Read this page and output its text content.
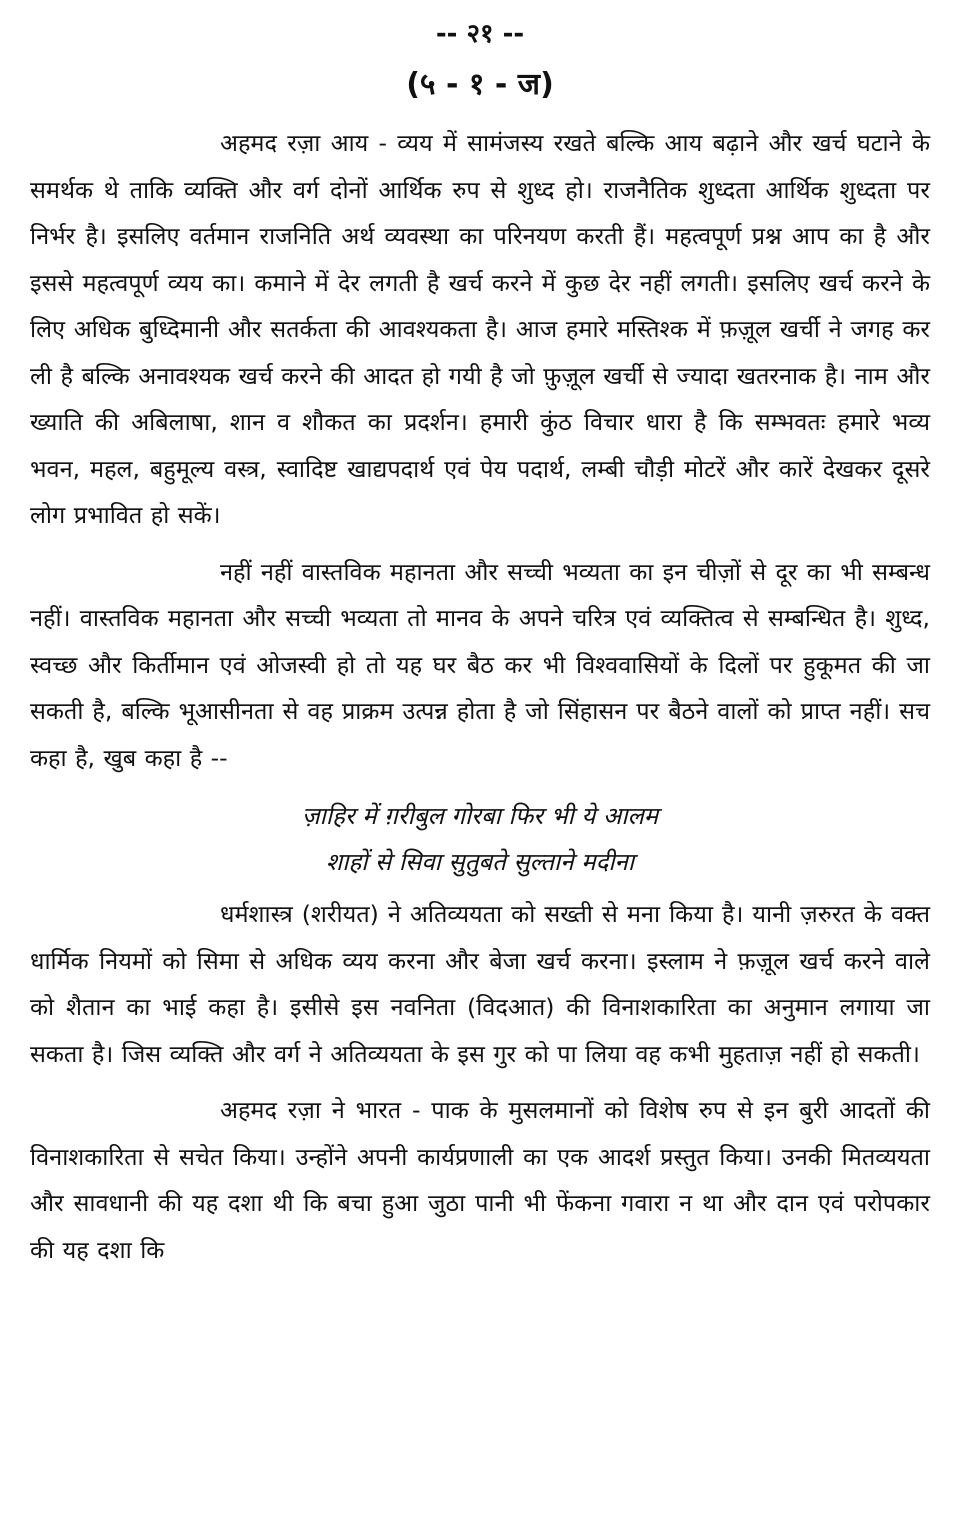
-- २१ --

(५ - १ - ज)

अहमद रज़ा आय - व्यय में सामंजस्य रखते बल्कि आय बढ़ाने और खर्च घटाने के समर्थक थे ताकि व्यक्ति और वर्ग दोनों आर्थिक रुप से शुध्द हो। राजनैतिक शुध्दता आर्थिक शुध्दता पर निर्भर है। इसलिए वर्तमान राजनिति अर्थ व्यवस्था का परिनयण करती हैं। महत्वपूर्ण प्रश्न आप का है और इससे महत्वपूर्ण व्यय का। कमाने में देर लगती है खर्च करने में कुछ देर नहीं लगती। इसलिए खर्च करने के लिए अधिक बुध्दिमानी और सतर्कता की आवश्यकता है। आज हमारे मस्तिश्क में फ़ज़ूल खर्ची ने जगह कर ली है बल्कि अनावश्यक खर्च करने की आदत हो गयी है जो फ़ुज़ूल खर्ची से ज्यादा खतरनाक है। नाम और ख्याति की अबिलाषा, शान व शौकत का प्रदर्शन। हमारी कुंठ विचार धारा है कि सम्भवतः हमारे भव्य भवन, महल, बहुमूल्य वस्त्र, स्वादिष्ट खाद्यपदार्थ एवं पेय पदार्थ, लम्बी चौड़ी मोटरें और कारें देखकर दूसरे लोग प्रभावित हो सकें।

नहीं नहीं वास्तविक महानता और सच्ची भव्यता का इन चीज़ों से दूर का भी सम्बन्ध नहीं। वास्तविक महानता और सच्ची भव्यता तो मानव के अपने चरित्र एवं व्यक्तित्व से सम्बन्धित है। शुध्द, स्वच्छ और किर्तीमान एवं ओजस्वी हो तो यह घर बैठ कर भी विश्ववासियों के दिलों पर हुकूमत की जा सकती है, बल्कि भूआसीनता से वह प्राक्रम उत्पन्न होता है जो सिंहासन पर बैठने वालों को प्राप्त नहीं। सच कहा है, खुब कहा है --

ज़ाहिर में ग़रीबुल गोरबा फिर भी ये आलम

शाहों से सिवा सुतुबते सुल्ताने मदीना

धर्मशास्त्र (शरीयत) ने अतिव्ययता को सख्ती से मना किया है। यानी ज़रुरत के वक्त धार्मिक नियमों को सिमा से अधिक व्यय करना और बेजा खर्च करना। इस्लाम ने फ़ज़ूल खर्च करने वाले को शैतान का भाई कहा है। इसीसे इस नवनिता (विदआत) की विनाशकारिता का अनुमान लगाया जा सकता है। जिस व्यक्ति और वर्ग ने अतिव्ययता के इस गुर को पा लिया वह कभी मुहताज़ नहीं हो सकती।

अहमद रज़ा ने भारत - पाक के मुसलमानों को विशेष रुप से इन बुरी आदतों की विनाशकारिता से सचेत किया। उन्होंने अपनी कार्यप्रणाली का एक आदर्श प्रस्तुत किया। उनकी मितव्ययता और सावधानी की यह दशा थी कि बचा हुआ जुठा पानी भी फेंकना गवारा न था और दान एवं परोपकार की यह दशा कि
